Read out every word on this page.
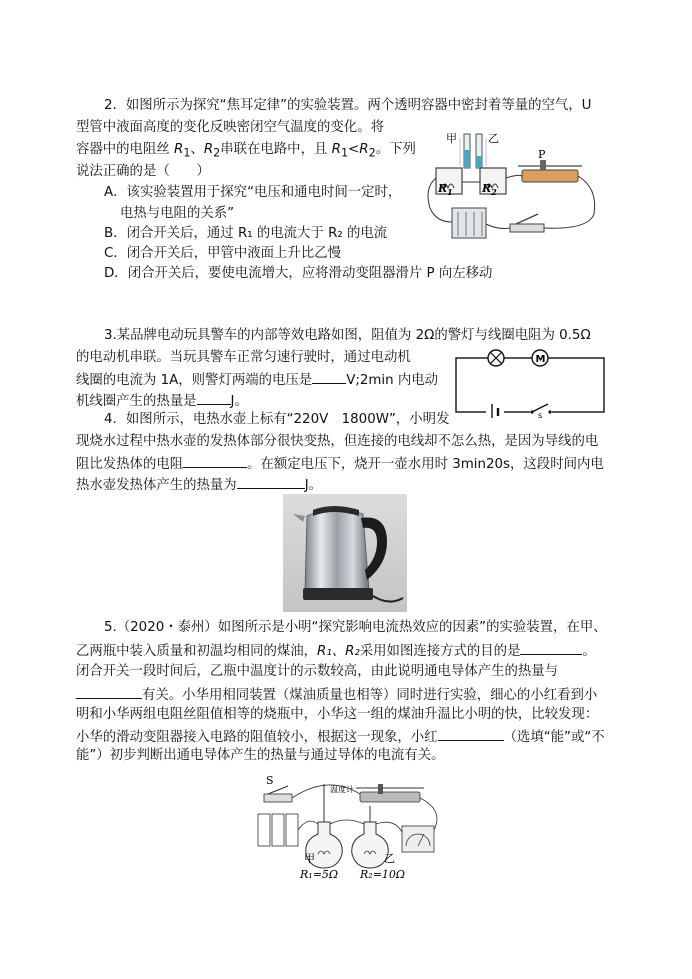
2．如图所示为探究“焦耳定律”的实验装置。两个透明容器中密封着等量的空气，U
型管中液面高度的变化反映密闭空气温度的变化。将
容器中的电阻丝 $R_1$、$R_2$串联在电路中，且 $R_1<R_2$。下列
说法正确的是（　　）
A．该实验装置用于探究“电压和通电时间一定时，
电热与电阻的关系”
B．闭合开关后，通过 R₁ 的电流大于 R₂ 的电流
C．闭合开关后，甲管中液面上升比乙慢
D．闭合开关后，要使电流增大，应将滑动变阻器滑片 P 向左移动
甲	乙
$R_1$	$R_2$
P
3.某品牌电动玩具警车的内部等效电路如图，阻值为 2Ω的警灯与线圈电阻为 0.5Ω
的电动机串联。当玩具警车正常匀速行驶时，通过电动机
线圈的电流为 1A，则警灯两端的电压是	V;2min 内电动
机线圈产生的热量是	J。
M
s
4．如图所示，电热水壶上标有“220V　1800W”，小明发
现烧水过程中热水壶的发热体部分很快变热，但连接的电线却不怎么热，是因为导线的电
阻比发热体的电阻	。在额定电压下，烧开一壶水用时 3min20s，这段时间内电
热水壶发热体产生的热量为	J。
5.（2020・泰州）如图所示是小明“探究影响电流热效应的因素”的实验装置，在甲、
乙两瓶中装入质量和初温均相同的煤油，R₁、R₂采用如图连接方式的目的是	。
闭合开关一段时间后，乙瓶中温度计的示数较高，由此说明通电导体产生的热量与
有关。小华用相同装置（煤油质量也相等）同时进行实验，细心的小红看到小
明和小华两组电阻丝阻值相等的烧瓶中，小华这一组的煤油升温比小明的快，比较发现：
小华的滑动变阻器接入电路的阻值较小，根据这一现象，小红	（选填“能”或“不
能”）初步判断出通电导体产生的热量与通过导体的电流有关。
S
温度计
甲	乙
R₁=5Ω R₂=10Ω
